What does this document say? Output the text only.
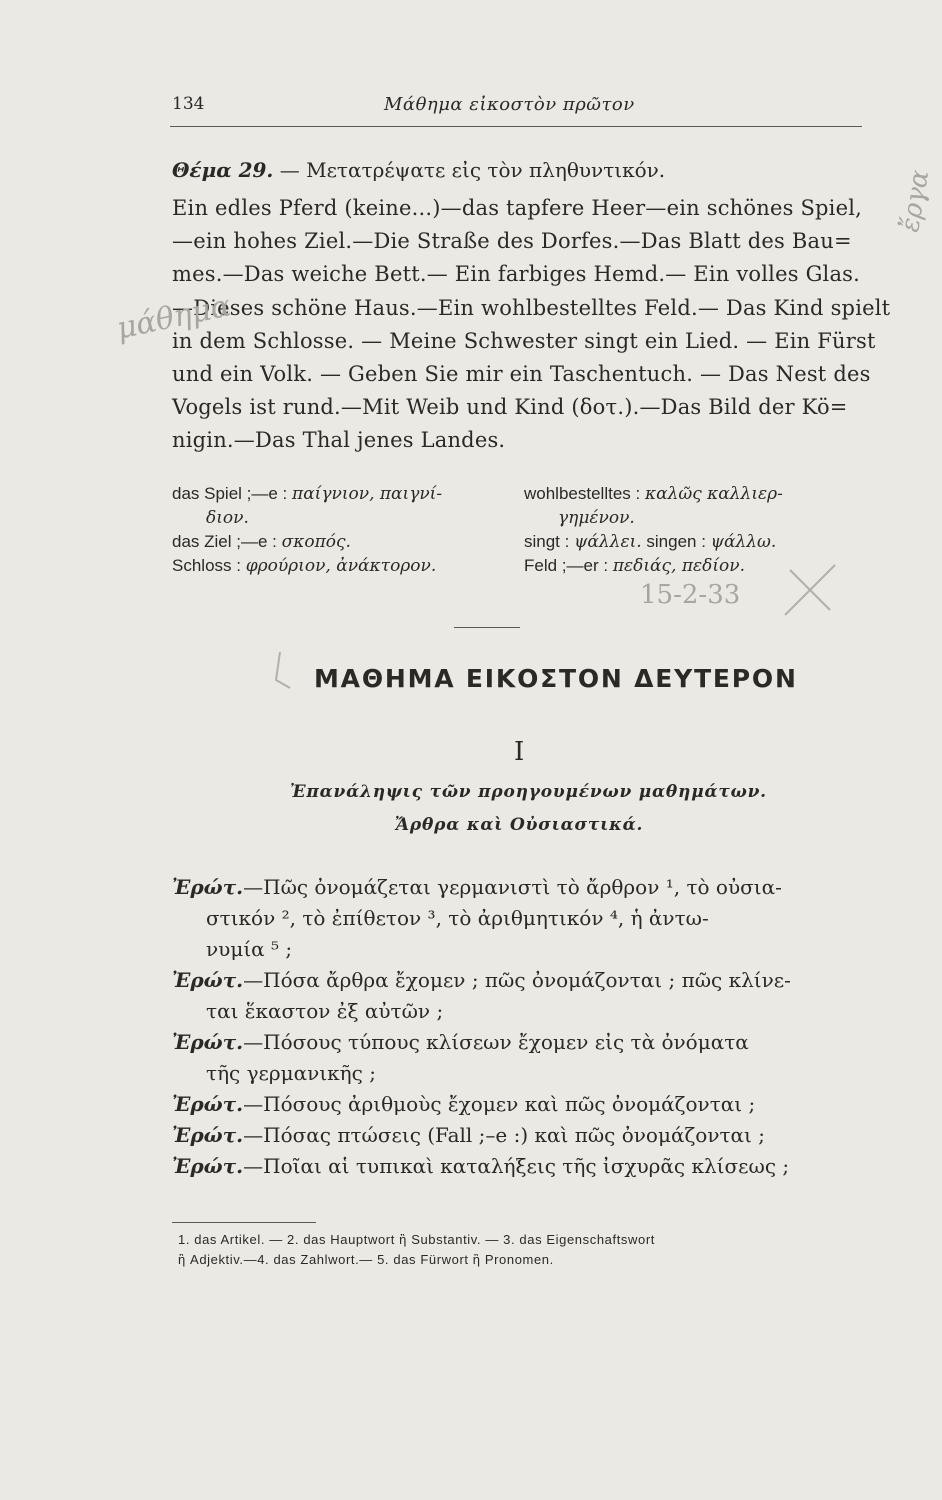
134	Μάθημα εἰκοστὸν πρῶτον
Θέμα 29. — Μετατρέψατε εἰς τὸν πληθυντικόν.
Ein edles Pferd (keine...)—das tapfere Heer—ein schönes Spiel,
—ein hohes Ziel.—Die Straße des Dorfes.—Das Blatt des Bau=
mes.—Das weiche Bett.— Ein farbiges Hemd.— Ein volles Glas.
—Dieses schöne Haus.—Ein wohlbestelltes Feld.— Das Kind spielt
in dem Schlosse. — Meine Schwester singt ein Lied. — Ein Fürst
und ein Volk. — Geben Sie mir ein Taschentuch. — Das Nest des
Vogels ist rund.—Mit Weib und Kind (δοτ.).—Das Bild der Kö=
nigin.—Das Thal jenes Landes.
μάθημα
ἔργα
das Spiel ;—e : παίγνιον, παιγνί-
διον.
das Ziel ;—e : σκοπός.
Schloss : φρούριον, ἀνάκτορον.
wohlbestelltes : καλῶς καλλιερ-
γημένον.
singt : ψάλλει. singen : ψάλλω.
Feld ;—er : πεδιάς, πεδίον.
15-2-33
ΜΑΘΗΜΑ ΕΙΚΟΣΤΟΝ ΔΕΥΤΕΡΟΝ
I
Ἐπανάληψις τῶν προηγουμένων μαθημάτων.
Ἄρθρα καὶ Οὐσιαστικά.
Ἐρώτ.—Πῶς ὀνομάζεται γερμανιστὶ τὸ ἄρθρον ¹, τὸ οὐσια-
στικόν ², τὸ ἐπίθετον ³, τὸ ἀριθμητικόν ⁴, ἡ ἀντω-
νυμία ⁵ ;
Ἐρώτ.—Πόσα ἄρθρα ἔχομεν ; πῶς ὀνομάζονται ; πῶς κλίνε-
ται ἕκαστον ἐξ αὐτῶν ;
Ἐρώτ.—Πόσους τύπους κλίσεων ἔχομεν εἰς τὰ ὀνόματα
τῆς γερμανικῆς ;
Ἐρώτ.—Πόσους ἀριθμοὺς ἔχομεν καὶ πῶς ὀνομάζονται ;
Ἐρώτ.—Πόσας πτώσεις (Fall ;–e :) καὶ πῶς ὀνομάζονται ;
Ἐρώτ.—Ποῖαι αἱ τυπικαὶ καταλήξεις τῆς ἰσχυρᾶς κλίσεως ;
1. das Artikel. — 2. das Hauptwort ἢ Substantiv. — 3. das Eigenschaftswort
ἢ Adjektiv.—4. das Zahlwort.— 5. das Fürwort ἢ Pronomen.
